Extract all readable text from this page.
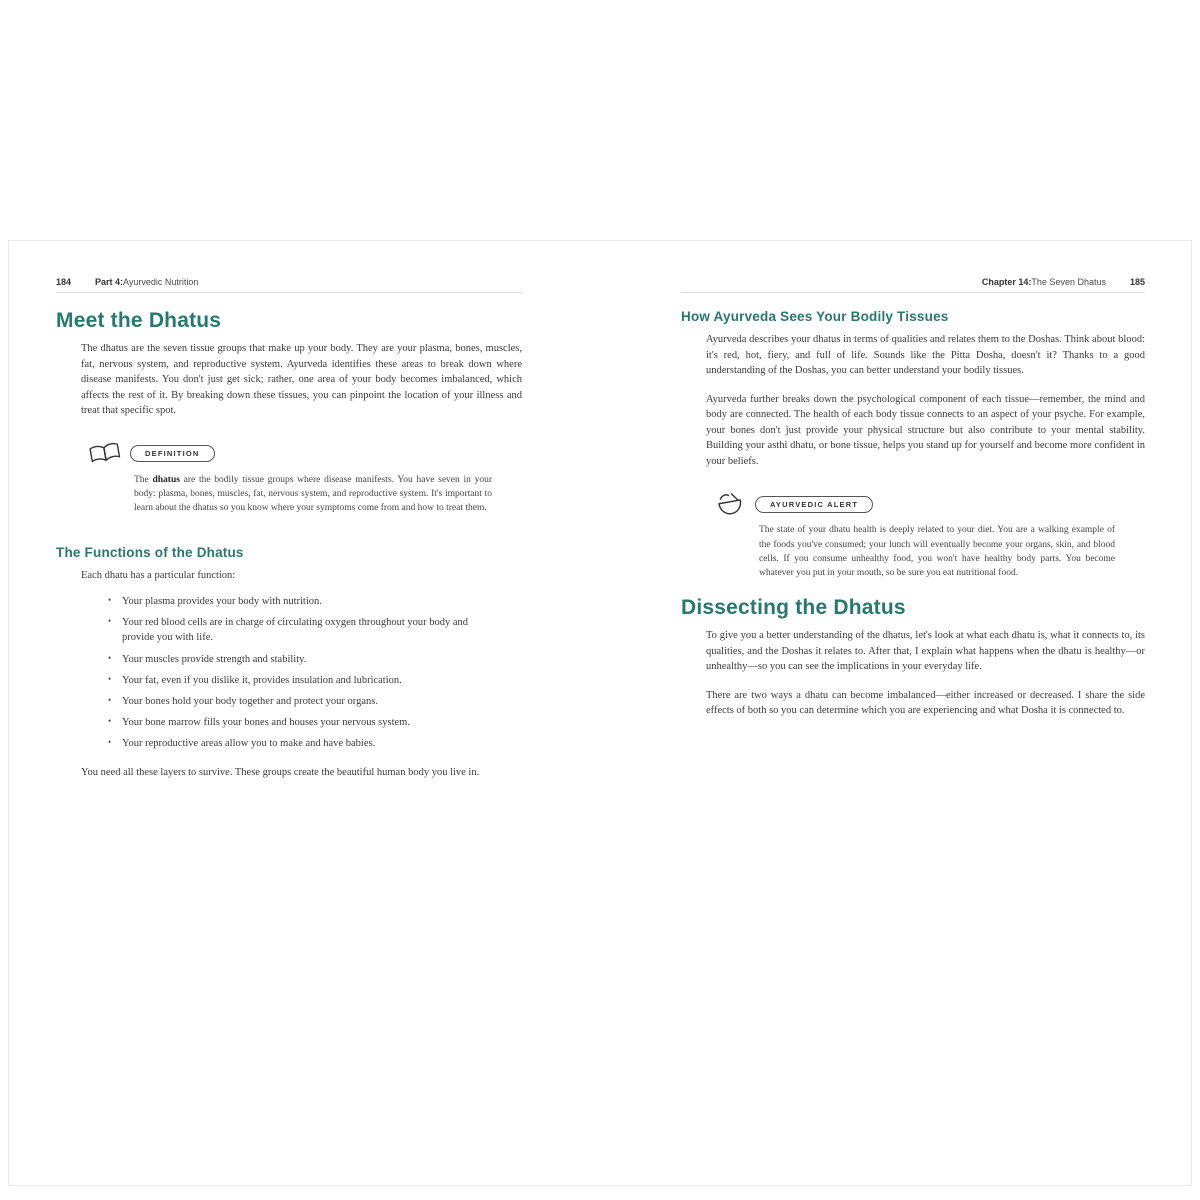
184	Part 4: Ayurvedic Nutrition
Meet the Dhatus

The dhatus are the seven tissue groups that make up your body. They are your plasma, bones, muscles, fat, nervous system, and reproductive system. Ayurveda identifies these areas to break down where disease manifests. You don't just get sick; rather, one area of your body becomes imbalanced, which affects the rest of it. By breaking down these tissues, you can pinpoint the location of your illness and treat that specific spot.

DEFINITION

The dhatus are the bodily tissue groups where disease manifests. You have seven in your body: plasma, bones, muscles, fat, nervous system, and reproductive system. It's important to learn about the dhatus so you know where your symptoms come from and how to treat them.

The Functions of the Dhatus

Each dhatu has a particular function:

• Your plasma provides your body with nutrition.
• Your red blood cells are in charge of circulating oxygen throughout your body and provide you with life.
• Your muscles provide strength and stability.
• Your fat, even if you dislike it, provides insulation and lubrication.
• Your bones hold your body together and protect your organs.
• Your bone marrow fills your bones and houses your nervous system.
• Your reproductive areas allow you to make and have babies.

You need all these layers to survive. These groups create the beautiful human body you live in.

Chapter 14: The Seven Dhatus	185
How Ayurveda Sees Your Bodily Tissues

Ayurveda describes your dhatus in terms of qualities and relates them to the Doshas. Think about blood: it's red, hot, fiery, and full of life. Sounds like the Pitta Dosha, doesn't it? Thanks to a good understanding of the Doshas, you can better understand your bodily tissues.

Ayurveda further breaks down the psychological component of each tissue—remember, the mind and body are connected. The health of each body tissue connects to an aspect of your psyche. For example, your bones don't just provide your physical structure but also contribute to your mental stability. Building your asthi dhatu, or bone tissue, helps you stand up for yourself and become more confident in your beliefs.

AYURVEDIC ALERT

The state of your dhatu health is deeply related to your diet. You are a walking example of the foods you've consumed; your lunch will eventually become your organs, skin, and blood cells. If you consume unhealthy food, you won't have healthy body parts. You become whatever you put in your mouth, so be sure you eat nutritional food.

Dissecting the Dhatus

To give you a better understanding of the dhatus, let's look at what each dhatu is, what it connects to, its qualities, and the Doshas it relates to. After that, I explain what happens when the dhatu is healthy—or unhealthy—so you can see the implications in your everyday life.

There are two ways a dhatu can become imbalanced—either increased or decreased. I share the side effects of both so you can determine which you are experiencing and what Dosha it is connected to.
